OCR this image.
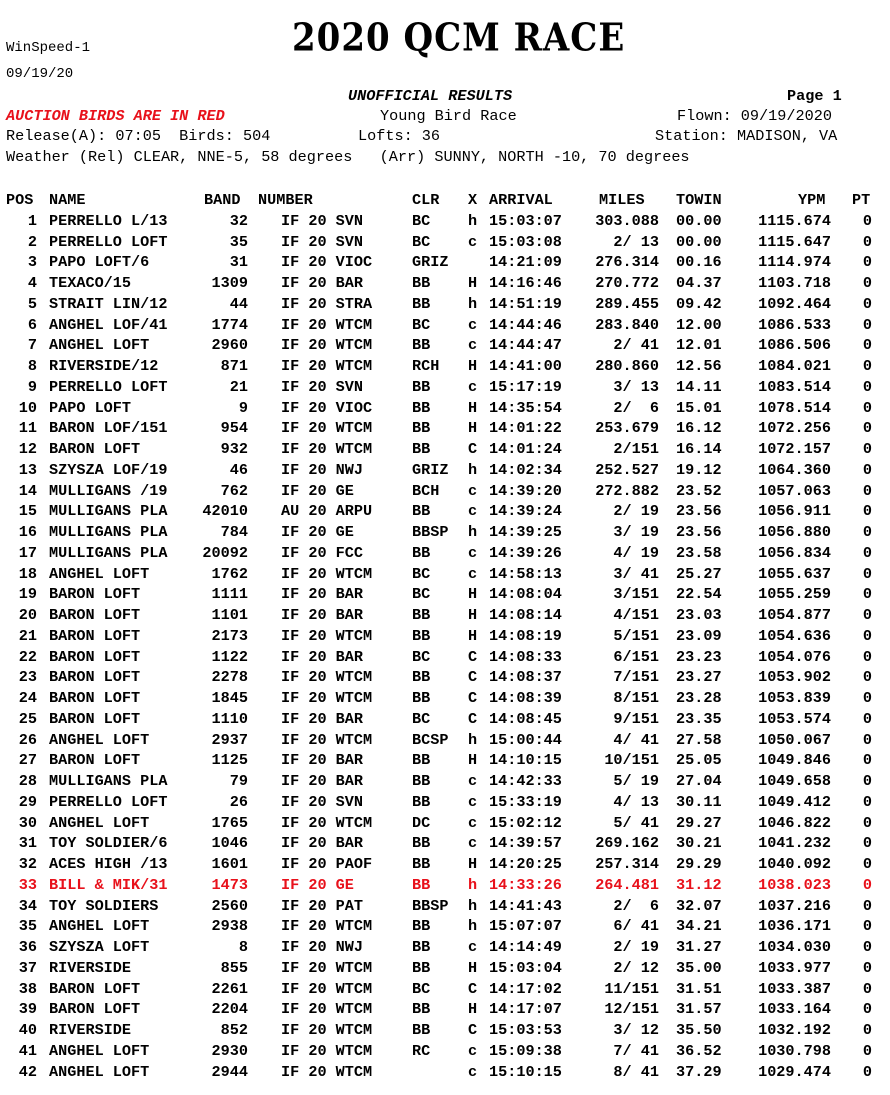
2020 QCM RACE
WinSpeed-1
09/19/20
UNOFFICIAL RESULTS	Page 1
AUCTION BIRDS ARE IN RED	Young Bird Race	Flown: 09/19/2020
Release(A): 07:05  Birds: 504	Lofts: 36	Station: MADISON, VA
Weather (Rel) CLEAR, NNE-5, 58 degrees   (Arr) SUNNY, NORTH -10, 70 degrees
POS NAME	BAND NUMBER	CLR X ARRIVAL	MILES TOWIN	YPM PT
1 PERRELLO L/13	32 IF 20 SVN	BC	h 15:03:07	303.088 00.00	1115.674	0
2 PERRELLO LOFT	35 IF 20 SVN	BC	c 15:03:08	2/ 13 00.00	1115.647	0
3 PAPO LOFT/6	31 IF 20 VIOC	GRIZ	14:21:09	276.314 00.16	1114.974	0
4 TEXACO/15	1309 IF 20 BAR	BB	H 14:16:46	270.772 04.37	1103.718	0
5 STRAIT LIN/12	44 IF 20 STRA	BB	h 14:51:19	289.455 09.42	1092.464	0
6 ANGHEL LOF/41	1774 IF 20 WTCM	BC	c 14:44:46	283.840 12.00	1086.533	0
7 ANGHEL LOFT	2960 IF 20 WTCM	BB	c 14:44:47	2/ 41 12.01	1086.506	0
8 RIVERSIDE/12	871 IF 20 WTCM	RCH	H 14:41:00	280.860 12.56	1084.021	0
9 PERRELLO LOFT	21 IF 20 SVN	BB	c 15:17:19	3/ 13 14.11	1083.514	0
10 PAPO LOFT	9 IF 20 VIOC	BB	H 14:35:54	2/  6 15.01	1078.514	0
11 BARON LOF/151	954 IF 20 WTCM	BB	H 14:01:22	253.679 16.12	1072.256	0
12 BARON LOFT	932 IF 20 WTCM	BB	C 14:01:24	2/151 16.14	1072.157	0
13 SZYSZA LOF/19	46 IF 20 NWJ	GRIZ	h 14:02:34	252.527 19.12	1064.360	0
14 MULLIGANS /19	762 IF 20 GE	BCH	c 14:39:20	272.882 23.52	1057.063	0
15 MULLIGANS PLA	42010 AU 20 ARPU	BB	c 14:39:24	2/ 19 23.56	1056.911	0
16 MULLIGANS PLA	784 IF 20 GE	BBSP	h 14:39:25	3/ 19 23.56	1056.880	0
17 MULLIGANS PLA	20092 IF 20 FCC	BB	c 14:39:26	4/ 19 23.58	1056.834	0
18 ANGHEL LOFT	1762 IF 20 WTCM	BC	c 14:58:13	3/ 41 25.27	1055.637	0
19 BARON LOFT	1111 IF 20 BAR	BC	H 14:08:04	3/151 22.54	1055.259	0
20 BARON LOFT	1101 IF 20 BAR	BB	H 14:08:14	4/151 23.03	1054.877	0
21 BARON LOFT	2173 IF 20 WTCM	BB	H 14:08:19	5/151 23.09	1054.636	0
22 BARON LOFT	1122 IF 20 BAR	BC	C 14:08:33	6/151 23.23	1054.076	0
23 BARON LOFT	2278 IF 20 WTCM	BB	C 14:08:37	7/151 23.27	1053.902	0
24 BARON LOFT	1845 IF 20 WTCM	BB	C 14:08:39	8/151 23.28	1053.839	0
25 BARON LOFT	1110 IF 20 BAR	BC	C 14:08:45	9/151 23.35	1053.574	0
26 ANGHEL LOFT	2937 IF 20 WTCM	BCSP	h 15:00:44	4/ 41 27.58	1050.067	0
27 BARON LOFT	1125 IF 20 BAR	BB	H 14:10:15	10/151 25.05	1049.846	0
28 MULLIGANS PLA	79 IF 20 BAR	BB	c 14:42:33	5/ 19 27.04	1049.658	0
29 PERRELLO LOFT	26 IF 20 SVN	BB	c 15:33:19	4/ 13 30.11	1049.412	0
30 ANGHEL LOFT	1765 IF 20 WTCM	DC	c 15:02:12	5/ 41 29.27	1046.822	0
31 TOY SOLDIER/6	1046 IF 20 BAR	BB	c 14:39:57	269.162 30.21	1041.232	0
32 ACES HIGH /13	1601 IF 20 PAOF	BB	H 14:20:25	257.314 29.29	1040.092	0
33 BILL & MIK/31	1473 IF 20 GE	BB	h 14:33:26	264.481 31.12	1038.023	0
34 TOY SOLDIERS	2560 IF 20 PAT	BBSP	h 14:41:43	2/  6 32.07	1037.216	0
35 ANGHEL LOFT	2938 IF 20 WTCM	BB	h 15:07:07	6/ 41 34.21	1036.171	0
36 SZYSZA LOFT	8 IF 20 NWJ	BB	c 14:14:49	2/ 19 31.27	1034.030	0
37 RIVERSIDE	855 IF 20 WTCM	BB	H 15:03:04	2/ 12 35.00	1033.977	0
38 BARON LOFT	2261 IF 20 WTCM	BC	C 14:17:02	11/151 31.51	1033.387	0
39 BARON LOFT	2204 IF 20 WTCM	BB	H 14:17:07	12/151 31.57	1033.164	0
40 RIVERSIDE	852 IF 20 WTCM	BB	C 15:03:53	3/ 12 35.50	1032.192	0
41 ANGHEL LOFT	2930 IF 20 WTCM	RC	c 15:09:38	7/ 41 36.52	1030.798	0
42 ANGHEL LOFT	2944 IF 20 WTCM	c 15:10:15	8/ 41 37.29	1029.474	0
